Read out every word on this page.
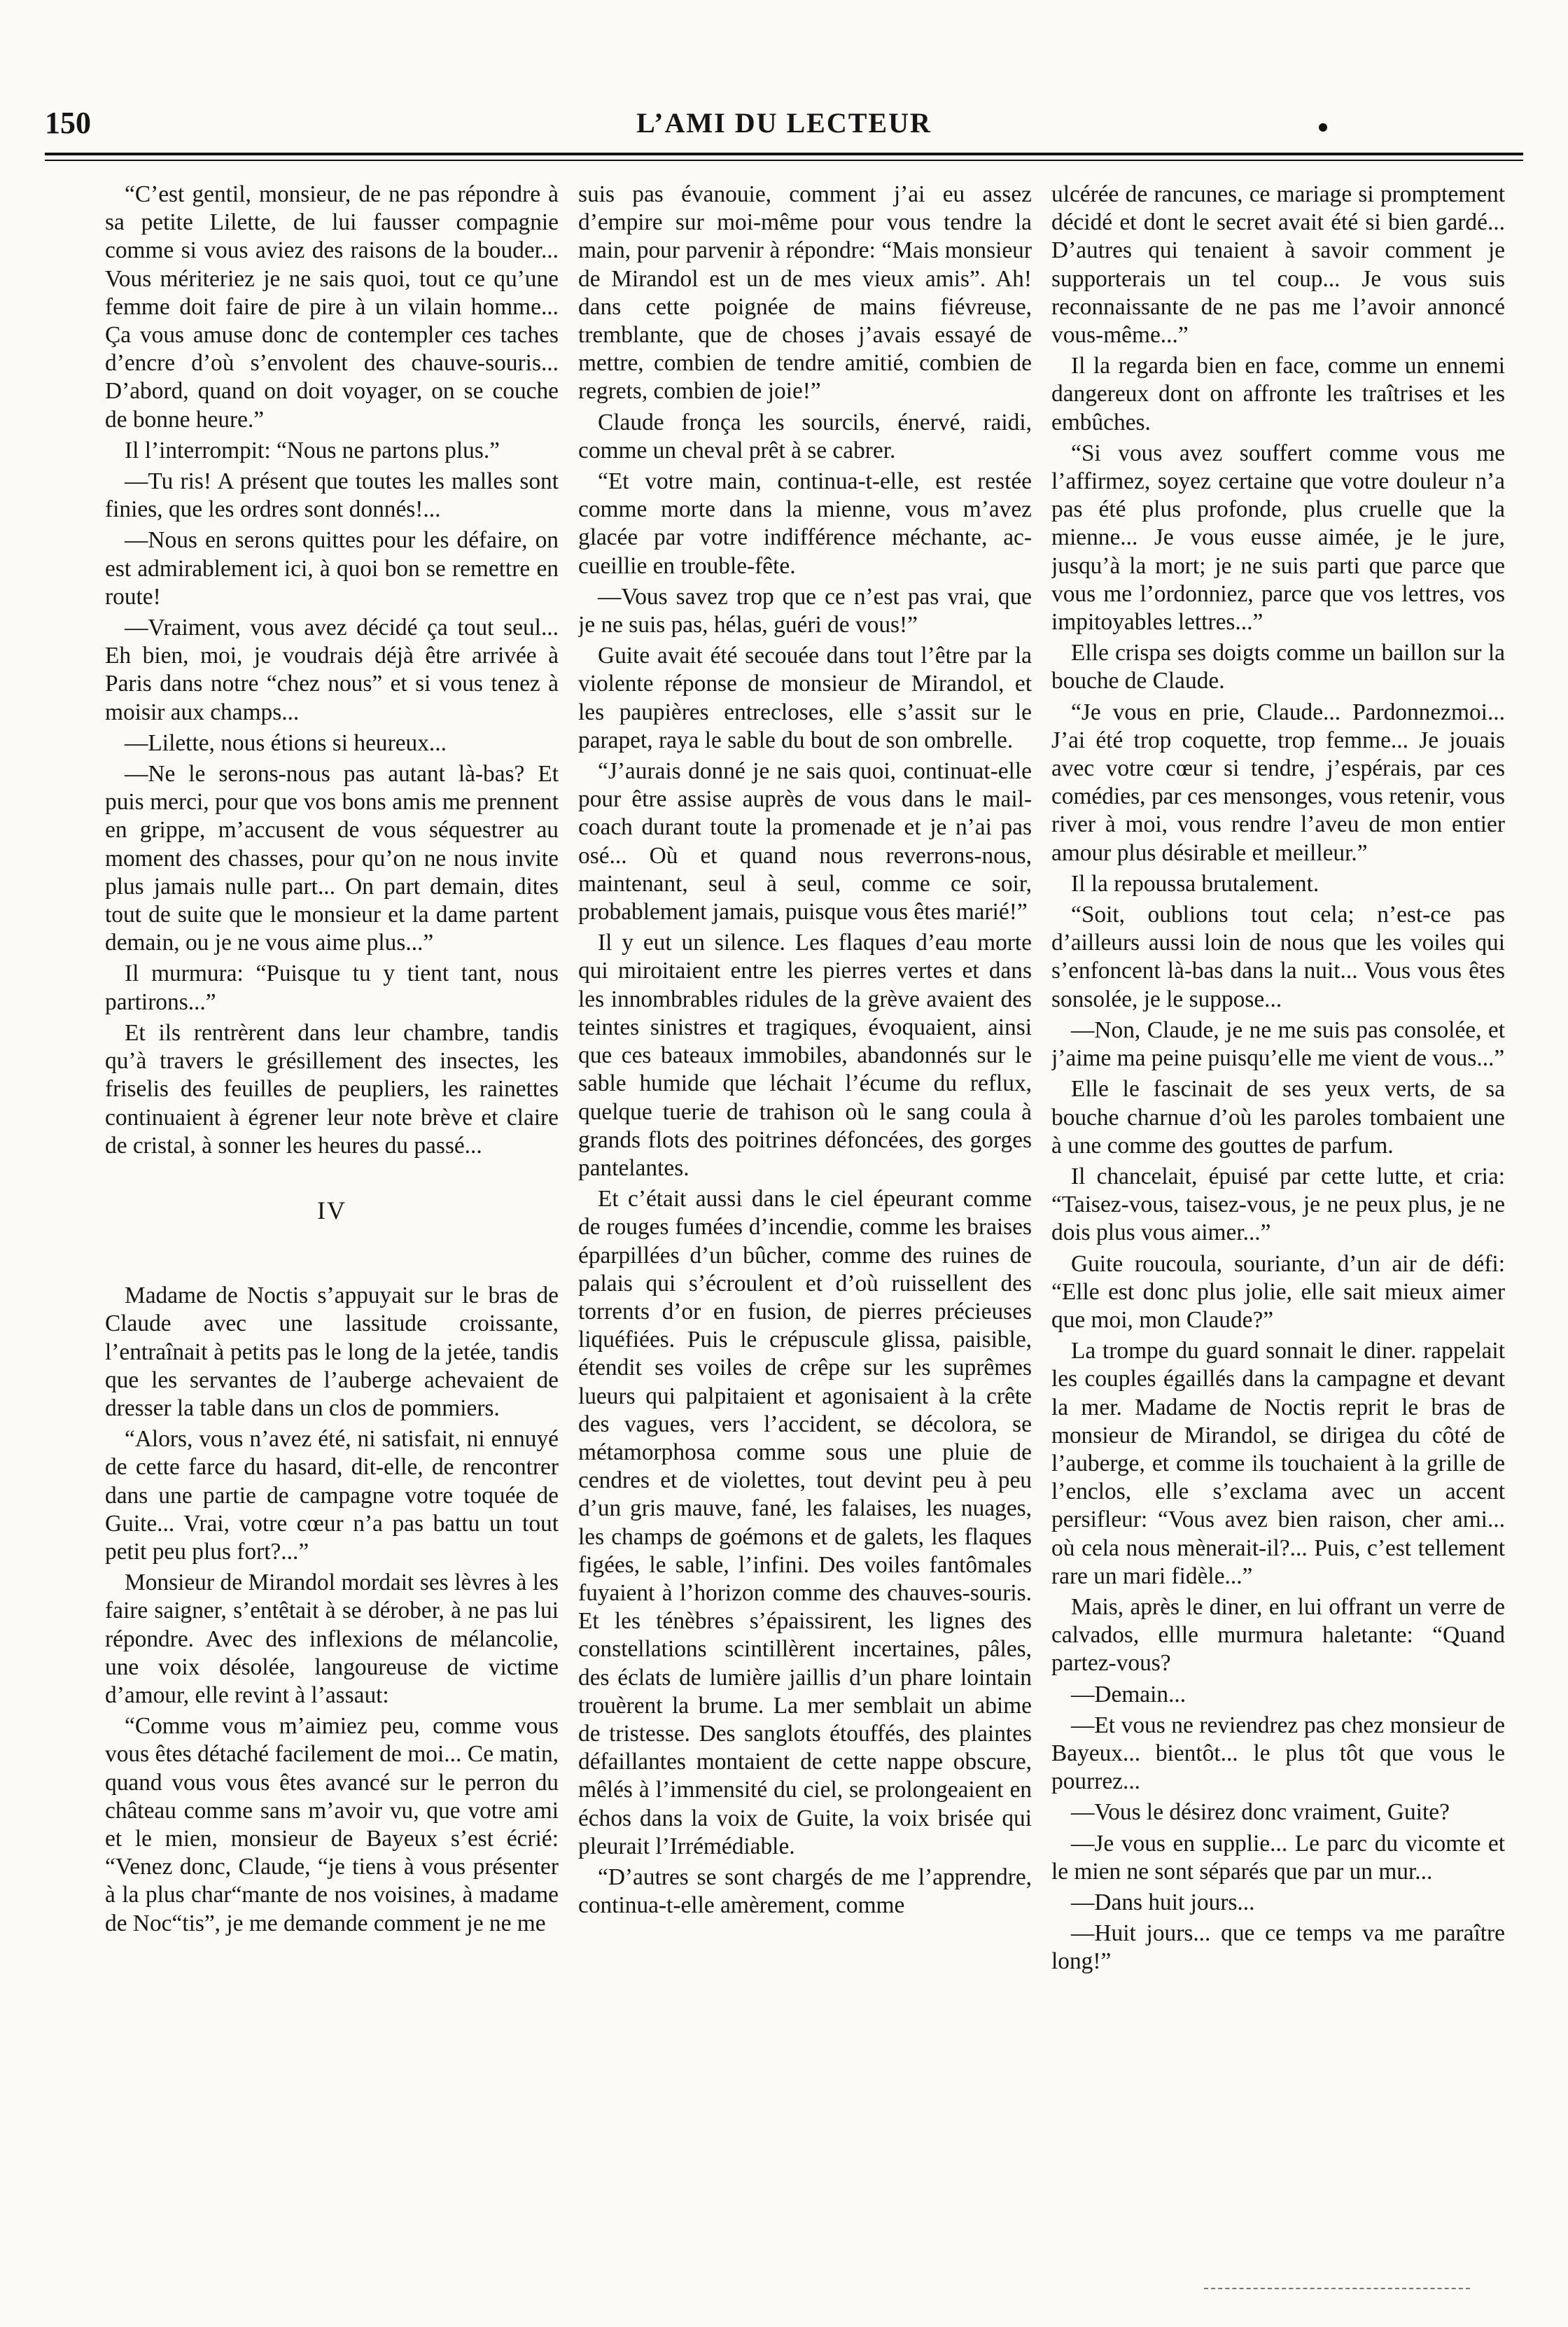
150	L’AMI DU LECTEUR

“C’est gentil, monsieur, de ne pas répondre à sa petite Lilette, de lui fausser compagnie comme si vous aviez des raisons de la bouder... Vous mériteriez je ne sais quoi, tout ce qu’une femme doit faire de pire à un vilain homme... Ça vous amuse donc de contempler ces taches d’encre d’où s’envolent des chauve-souris... D’abord, quand on doit voyager, on se couche de bonne heure.”

Il l’interrompit: “Nous ne partons plus.”

—Tu ris! A présent que toutes les malles sont finies, que les ordres sont donnés!...

—Nous en serons quittes pour les défaire, on est admirablement ici, à quoi bon se remettre en route!

—Vraiment, vous avez décidé ça tout seul... Eh bien, moi, je voudrais déjà être arrivée à Paris dans notre “chez nous” et si vous tenez à moisir aux champs...

—Lilette, nous étions si heureux...

—Ne le serons-nous pas autant là-bas? Et puis merci, pour que vos bons amis me prennent en grippe, m’accusent de vous séquestrer au moment des chasses, pour qu’on ne nous invite plus jamais nulle part... On part demain, dites tout de suite que le monsieur et la dame partent demain, ou je ne vous aime plus...”

Il murmura: “Puisque tu y tient tant, nous partirons...”

Et ils rentrèrent dans leur chambre, tandis qu’à travers le grésillement des insectes, les friselis des feuilles de peupliers, les rainettes continuaient à égrener leur note brève et claire de cristal, à sonner les heures du passé...

IV

Madame de Noctis s’appuyait sur le bras de Claude avec une lassitude croissante, l’entraînait à petits pas le long de la jetée, tandis que les servantes de l’auberge achevaient de dresser la table dans un clos de pommiers.

“Alors, vous n’avez été, ni satisfait, ni ennuyé de cette farce du hasard, dit-elle, de rencontrer dans une partie de campagne votre toquée de Guite... Vrai, votre cœur n’a pas battu un tout petit peu plus fort?...”

Monsieur de Mirandol mordait ses lèvres à les faire saigner, s’entêtait à se dérober, à ne pas lui répondre. Avec des inflexions de mélancolie, une voix désolée, langoureuse de victime d’amour, elle revint à l’assaut:

“Comme vous m’aimiez peu, comme vous vous êtes détaché facilement de moi... Ce matin, quand vous vous êtes avancé sur le perron du château comme sans m’avoir vu, que votre ami et le mien, monsieur de Bayeux s’est écrié: “Venez donc, Claude, “je tiens à vous présenter à la plus char“mante de nos voisines, à madame de Noc“tis”, je me demande comment je ne me

suis pas évanouie, comment j’ai eu assez d’empire sur moi-même pour vous tendre la main, pour parvenir à répondre: “Mais monsieur de Mirandol est un de mes vieux amis”. Ah! dans cette poignée de mains fiévreuse, tremblante, que de choses j’avais essayé de mettre, combien de tendre amitié, combien de regrets, combien de joie!”

Claude fronça les sourcils, énervé, raidi, comme un cheval prêt à se cabrer.

“Et votre main, continua-t-elle, est restée comme morte dans la mienne, vous m’avez glacée par votre indifférence méchante, accueillie en trouble-fête.

—Vous savez trop que ce n’est pas vrai, que je ne suis pas, hélas, guéri de vous!”

Guite avait été secouée dans tout l’être par la violente réponse de monsieur de Mirandol, et les paupières entrecloses, elle s’assit sur le parapet, raya le sable du bout de son ombrelle.

“J’aurais donné je ne sais quoi, continuat-elle pour être assise auprès de vous dans le mail-coach durant toute la promenade et je n’ai pas osé... Où et quand nous reverrons-nous, maintenant, seul à seul, comme ce soir, probablement jamais, puisque vous êtes marié!”

Il y eut un silence. Les flaques d’eau morte qui miroitaient entre les pierres vertes et dans les innombrables ridules de la grève avaient des teintes sinistres et tragiques, évoquaient, ainsi que ces bateaux immobiles, abandonnés sur le sable humide que léchait l’écume du reflux, quelque tuerie de trahison où le sang coula à grands flots des poitrines défoncées, des gorges pantelantes.

Et c’était aussi dans le ciel épeurant comme de rouges fumées d’incendie, comme les braises éparpillées d’un bûcher, comme des ruines de palais qui s’écroulent et d’où ruissellent des torrents d’or en fusion, de pierres précieuses liquéfiées. Puis le crépuscule glissa, paisible, étendit ses voiles de crêpe sur les suprêmes lueurs qui palpitaient et agonisaient à la crête des vagues, vers l’accident, se décolora, se métamorphosa comme sous une pluie de cendres et de violettes, tout devint peu à peu d’un gris mauve, fané, les falaises, les nuages, les champs de goémons et de galets, les flaques figées, le sable, l’infini. Des voiles fantômales fuyaient à l’horizon comme des chauves-souris. Et les ténèbres s’épaissirent, les lignes des constellations scintillèrent incertaines, pâles, des éclats de lumière jaillis d’un phare lointain trouèrent la brume. La mer semblait un abime de tristesse. Des sanglots étouffés, des plaintes défaillantes montaient de cette nappe obscure, mêlés à l’immensité du ciel, se prolongeaient en échos dans la voix de Guite, la voix brisée qui pleurait l’Irrémédiable.

“D’autres se sont chargés de me l’apprendre, continua-t-elle amèrement, comme

ulcérée de rancunes, ce mariage si promptement décidé et dont le secret avait été si bien gardé... D’autres qui tenaient à savoir comment je supporterais un tel coup... Je vous suis reconnaissante de ne pas me l’avoir annoncé vous-même...”

Il la regarda bien en face, comme un ennemi dangereux dont on affronte les traîtrises et les embûches.

“Si vous avez souffert comme vous me l’affirmez, soyez certaine que votre douleur n’a pas été plus profonde, plus cruelle que la mienne... Je vous eusse aimée, je le jure, jusqu’à la mort; je ne suis parti que parce que vous me l’ordonniez, parce que vos lettres, vos impitoyables lettres...”

Elle crispa ses doigts comme un baillon sur la bouche de Claude.

“Je vous en prie, Claude... Pardonnezmoi... J’ai été trop coquette, trop femme... Je jouais avec votre cœur si tendre, j’espérais, par ces comédies, par ces mensonges, vous retenir, vous river à moi, vous rendre l’aveu de mon entier amour plus désirable et meilleur.”

Il la repoussa brutalement.

“Soit, oublions tout cela; n’est-ce pas d’ailleurs aussi loin de nous que les voiles qui s’enfoncent là-bas dans la nuit... Vous vous êtes sonsolée, je le suppose...

—Non, Claude, je ne me suis pas consolée, et j’aime ma peine puisqu’elle me vient de vous...”

Elle le fascinait de ses yeux verts, de sa bouche charnue d’où les paroles tombaient une à une comme des gouttes de parfum.

Il chancelait, épuisé par cette lutte, et cria: “Taisez-vous, taisez-vous, je ne peux plus, je ne dois plus vous aimer...”

Guite roucoula, souriante, d’un air de défi: “Elle est donc plus jolie, elle sait mieux aimer que moi, mon Claude?”

La trompe du guard sonnait le diner. rappelait les couples égaillés dans la campagne et devant la mer. Madame de Noctis reprit le bras de monsieur de Mirandol, se dirigea du côté de l’auberge, et comme ils touchaient à la grille de l’enclos, elle s’exclama avec un accent persifleur: “Vous avez bien raison, cher ami... où cela nous mènerait-il?... Puis, c’est tellement rare un mari fidèle...”

Mais, après le diner, en lui offrant un verre de calvados, ellle murmura haletante: “Quand partez-vous?

—Demain...

—Et vous ne reviendrez pas chez monsieur de Bayeux... bientôt... le plus tôt que vous le pourrez...

—Vous le désirez donc vraiment, Guite?

—Je vous en supplie... Le parc du vicomte et le mien ne sont séparés que par un mur...

—Dans huit jours...

—Huit jours... que ce temps va me paraître long!”
